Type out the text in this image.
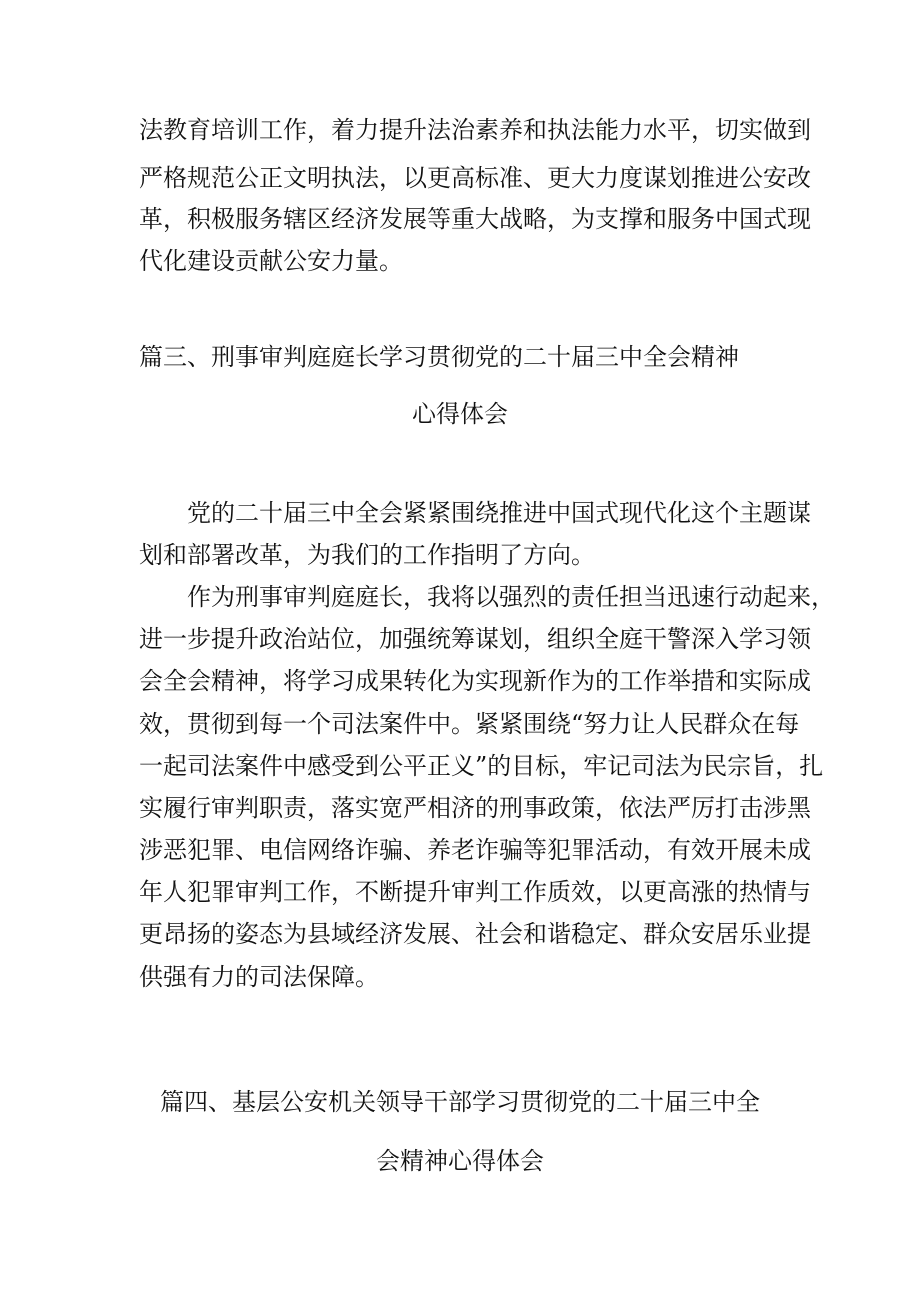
法教育培训工作，着力提升法治素养和执法能力水平，切实做到
严格规范公正文明执法，以更高标准、更大力度谋划推进公安改
革，积极服务辖区经济发展等重大战略，为支撑和服务中国式现
代化建设贡献公安力量。
篇三、刑事审判庭庭长学习贯彻党的二十届三中全会精神
心得体会
党的二十届三中全会紧紧围绕推进中国式现代化这个主题谋
划和部署改革，为我们的工作指明了方向。
作为刑事审判庭庭长，我将以强烈的责任担当迅速行动起来，
进一步提升政治站位，加强统筹谋划，组织全庭干警深入学习领
会全会精神，将学习成果转化为实现新作为的工作举措和实际成
效，贯彻到每一个司法案件中。紧紧围绕“努力让人民群众在每
一起司法案件中感受到公平正义”的目标，牢记司法为民宗旨，扎
实履行审判职责，落实宽严相济的刑事政策，依法严厉打击涉黑
涉恶犯罪、电信网络诈骗、养老诈骗等犯罪活动，有效开展未成
年人犯罪审判工作，不断提升审判工作质效，以更高涨的热情与
更昂扬的姿态为县域经济发展、社会和谐稳定、群众安居乐业提
供强有力的司法保障。
篇四、基层公安机关领导干部学习贯彻党的二十届三中全
会精神心得体会
